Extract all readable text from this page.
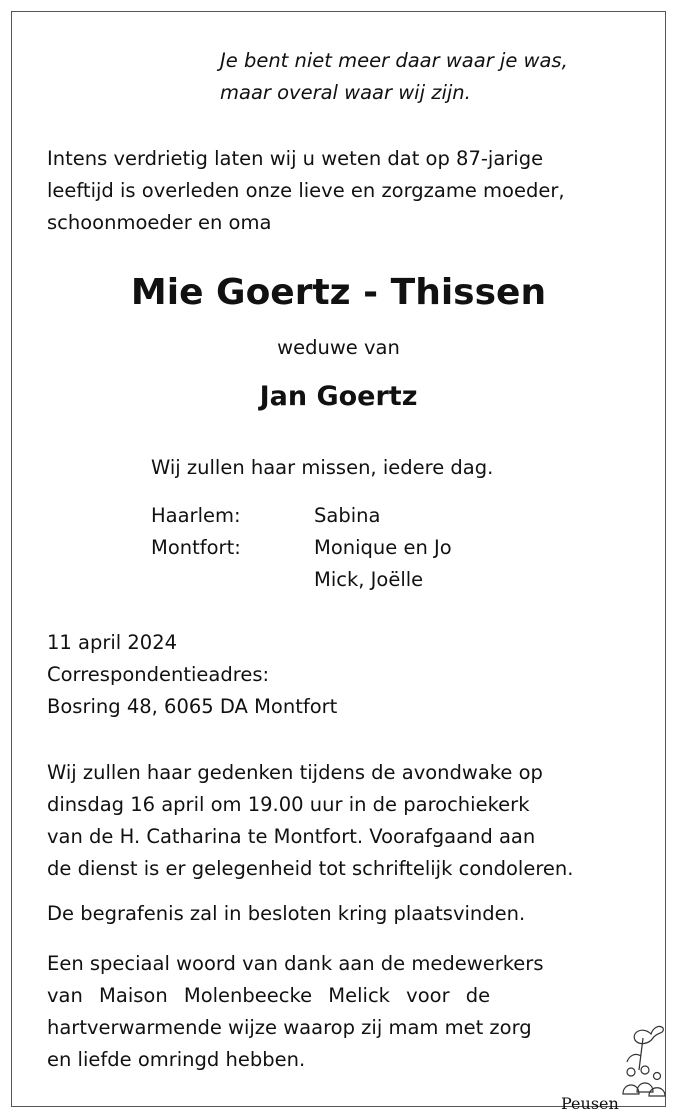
Je bent niet meer daar waar je was,
maar overal waar wij zijn.
Intens verdrietig laten wij u weten dat op 87-jarige
leeftijd is overleden onze lieve en zorgzame moeder,
schoonmoeder en oma
Mie Goertz - Thissen
weduwe van
Jan Goertz
Wij zullen haar missen, iedere dag.
Haarlem:	Sabina
Montfort:	Monique en Jo
Mick, Joëlle
11 april 2024
Correspondentieadres:
Bosring 48, 6065 DA Montfort
Wij zullen haar gedenken tijdens de avondwake op
dinsdag 16 april om 19.00 uur in de parochiekerk
van de H. Catharina te Montfort. Voorafgaand aan
de dienst is er gelegenheid tot schriftelijk condoleren.
De begrafenis zal in besloten kring plaatsvinden.
Een speciaal woord van dank aan de medewerkers
van Maison Molenbeecke Melick voor de
hartverwarmende wijze waarop zij mam met zorg
en liefde omringd hebben.
Peusen
